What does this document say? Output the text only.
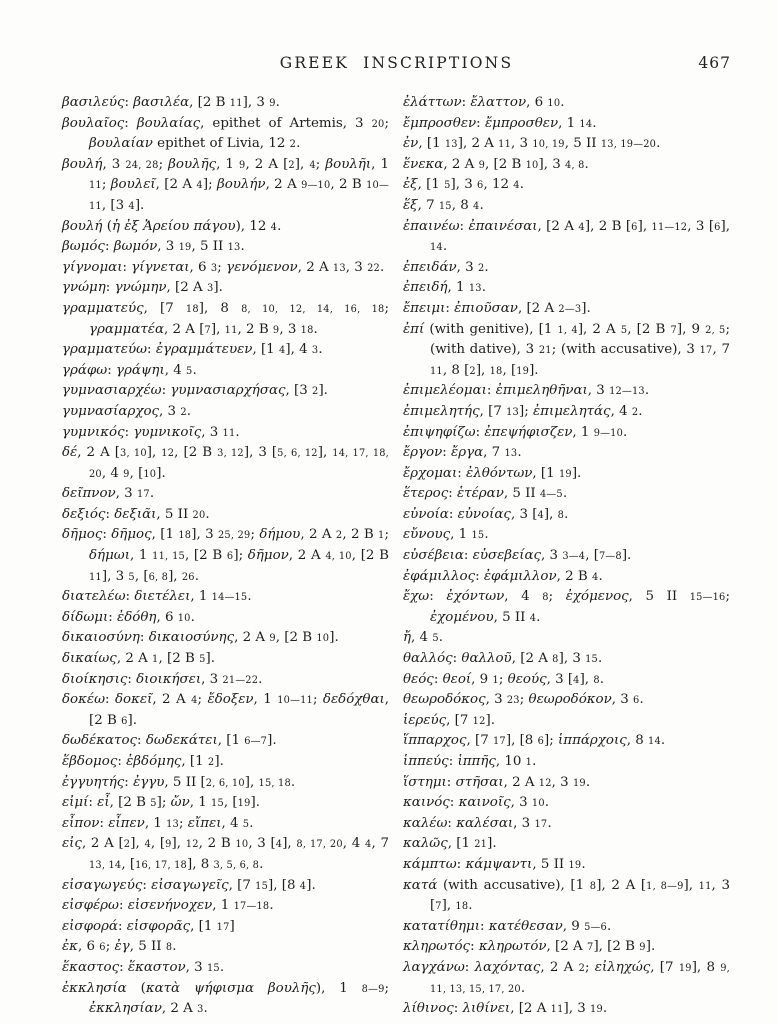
GREEK INSCRIPTIONS	467

βασιλεύς: βασιλέα, [2 B 11], 3 9.

βουλαῖος: βουλαίας, epithet of Artemis, 3 20; βουλαίαν epithet of Livia, 12 2.

βουλή, 3 24, 28; βουλῆς, 1 9, 2 A [2], 4; βουλῆι, 1 11; βουλεῖ, [2 A 4]; βουλήν, 2 A 9—10, 2 B 10—11, [3 4].

βουλή (ἡ ἐξ Ἀρείου πάγου), 12 4.

βωμός: βωμόν, 3 19, 5 II 13.

γίγνομαι: γίγνεται, 6 3; γενόμενον, 2 A 13, 3 22.

γνώμη: γνώμην, [2 A 3].

γραμματεύς, [7 18], 8 8, 10, 12, 14, 16, 18; γραμματέα, 2 A [7], 11, 2 B 9, 3 18.

γραμματεύω: ἐγραμμάτευεν, [1 4], 4 3.

γράφω: γράψηι, 4 5.

γυμνασιαρχέω: γυμνασιαρχήσας, [3 2].

γυμνασίαρχος, 3 2.

γυμνικός: γυμνικοῖς, 3 11.

δέ, 2 A [3, 10], 12, [2 B 3, 12], 3 [5, 6, 12], 14, 17, 18, 20, 4 9, [10].

δεῖπνον, 3 17.

δεξιός: δεξιᾶι, 5 II 20.

δῆμος: δῆμος, [1 18], 3 25, 29; δήμου, 2 A 2, 2 B 1; δήμωι, 1 11, 15, [2 B 6]; δῆμον, 2 A 4, 10, [2 B 11], 3 5, [6, 8], 26.

διατελέω: διετέλει, 1 14—15.

δίδωμι: ἐδόθη, 6 10.

δικαιοσύνη: δικαιοσύνης, 2 A 9, [2 B 10].

δικαίως, 2 A 1, [2 B 5].

διοίκησις: διοικήσει, 3 21—22.

δοκέω: δοκεῖ, 2 A 4; ἔδοξεν, 1 10—11; δεδόχθαι, [2 B 6].

δωδέκατος: δωδεκάτει, [1 6—7].

ἕβδομος: ἑβδόμης, [1 2].

ἐγγυητής: ἐγγυ, 5 II [2, 6, 10], 15, 18.

εἰμί: εἶ, [2 B 5]; ὤν, 1 15, [19].

εἶπον: εἶπεν, 1 13; εἴπει, 4 5.

εἰς, 2 A [2], 4, [9], 12, 2 B 10, 3 [4], 8, 17, 20, 4 4, 7 13, 14, [16, 17, 18], 8 3, 5, 6, 8.

εἰσαγωγεύς: εἰσαγωγεῖς, [7 15], [8 4].

εἰσφέρω: εἰσενήνοχεν, 1 17—18.

εἰσφορά: εἰσφορᾶς, [1 17]

ἐκ, 6 6; ἐγ, 5 II 8.

ἕκαστος: ἕκαστον, 3 15.

ἐκκλησία (κατὰ ψήφισμα βουλῆς), 1 8—9; ἐκκλησίαν, 2 A 3.

ἐλάττων: ἔλαττον, 6 10.

ἔμπροσθεν: ἔμπροσθεν, 1 14.

ἐν, [1 13], 2 A 11, 3 10, 19, 5 II 13, 19—20.

ἕνεκα, 2 A 9, [2 B 10], 3 4, 8.

ἐξ, [1 5], 3 6, 12 4.

ἕξ, 7 15, 8 4.

ἐπαινέω: ἐπαινέσαι, [2 A 4], 2 B [6], 11—12, 3 [6], 14.

ἐπειδάν, 3 2.

ἐπειδή, 1 13.

ἔπειμι: ἐπιοῦσαν, [2 A 2—3].

ἐπί (with genitive), [1 1, 4], 2 A 5, [2 B 7], 9 2, 5; (with dative), 3 21; (with accusative), 3 17, 7 11, 8 [2], 18, [19].

ἐπιμελέομαι: ἐπιμεληθῆναι, 3 12—13.

ἐπιμελητής, [7 13]; ἐπιμελητάς, 4 2.

ἐπιψηφίζω: ἐπεψήφισζεν, 1 9—10.

ἔργον: ἔργα, 7 13.

ἔρχομαι: ἐλθόντων, [1 19].

ἕτερος: ἑτέραν, 5 II 4—5.

εὐνοία: εὐνοίας, 3 [4], 8.

εὔνους, 1 15.

εὐσέβεια: εὐσεβείας, 3 3—4, [7—8].

ἐφάμιλλος: ἐφάμιλλον, 2 B 4.

ἔχω: ἐχόντων, 4 8; ἐχόμενος, 5 II 15—16; ἐχομένου, 5 II 4.

ἤ, 4 5.

θαλλός: θαλλοῦ, [2 A 8], 3 15.

θεός: θεοί, 9 1; θεούς, 3 [4], 8.

θεωροδόκος, 3 23; θεωροδόκον, 3 6.

ἱερεύς, [7 12].

ἵππαρχος, [7 17], [8 6]; ἱππάρχοις, 8 14.

ἱππεύς: ἱππῆς, 10 1.

ἵστημι: στῆσαι, 2 A 12, 3 19.

καινός: καινοῖς, 3 10.

καλέω: καλέσαι, 3 17.

καλῶς, [1 21].

κάμπτω: κάμψαντι, 5 II 19.

κατά (with accusative), [1 8], 2 A [1, 8—9], 11, 3 [7], 18.

κατατίθημι: κατέθεσαν, 9 5—6.

κληρωτός: κληρωτόν, [2 A 7], [2 B 9].

λαγχάνω: λαχόντας, 2 A 2; εἰληχώς, [7 19], 8 9, 11, 13, 15, 17, 20.

λίθινος: λιθίνει, [2 A 11], 3 19.
